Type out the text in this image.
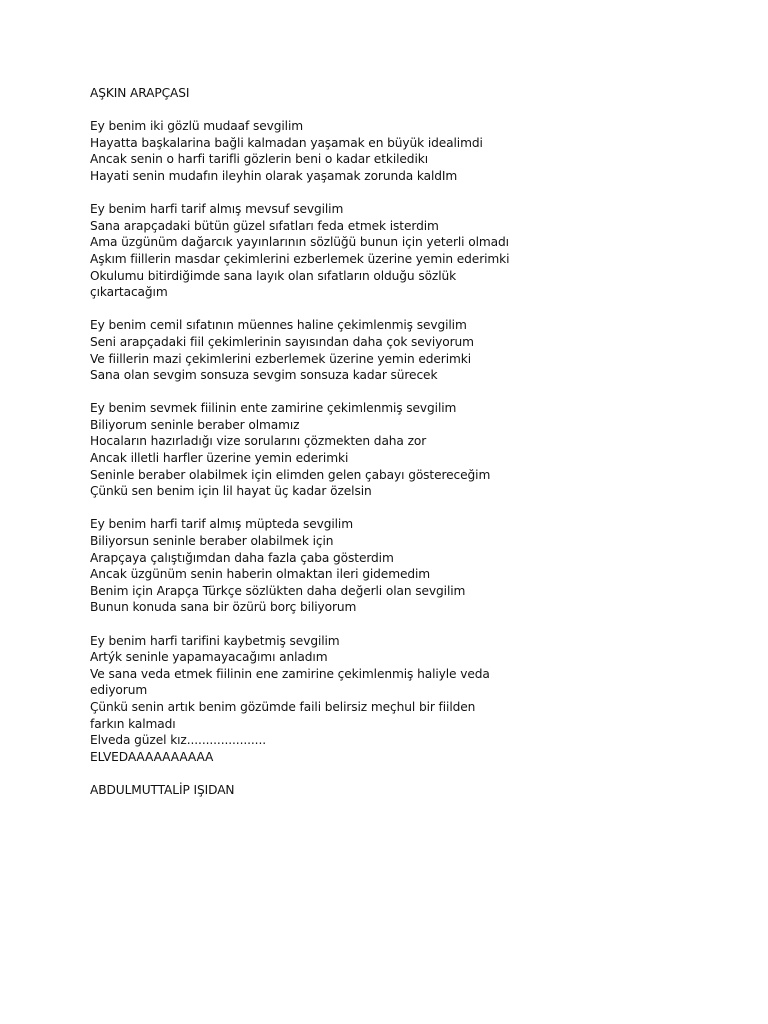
AŞKIN ARAPÇASI
Ey benim iki gözlü mudaaf sevgilim
Hayatta başkalarina bağli kalmadan yaşamak en büyük idealimdi
Ancak senin o harfi tarifli gözlerin beni o kadar etkiledikı
Hayati senin mudafın ileyhin olarak yaşamak zorunda kaldIm
Ey benim harfi tarif almış mevsuf sevgilim
Sana arapçadaki bütün güzel sıfatları feda etmek isterdim
Ama üzgünüm dağarcık yayınlarının sözlüğü bunun için yeterli olmadı
Aşkım fiillerin masdar çekimlerini ezberlemek üzerine yemin ederimki
Okulumu bitirdiğimde sana layık olan sıfatların olduğu sözlük
çıkartacağım
Ey benim cemil sıfatının müennes haline çekimlenmiş sevgilim
Seni arapçadaki fiil çekimlerinin sayısından daha çok seviyorum
Ve fiillerin mazi çekimlerini ezberlemek üzerine yemin ederimki
Sana olan sevgim sonsuza sevgim sonsuza kadar sürecek
Ey benim sevmek fiilinin ente zamirine çekimlenmiş sevgilim
Biliyorum seninle beraber olmamız
Hocaların hazırladığı vize sorularını çözmekten daha zor
Ancak illetli harfler üzerine yemin ederimki
Seninle beraber olabilmek için elimden gelen çabayı göstereceğim
Çünkü sen benim için lil hayat üç kadar özelsin
Ey benim harfi tarif almış müpteda sevgilim
Biliyorsun seninle beraber olabilmek için
Arapçaya çalıştığımdan daha fazla çaba gösterdim
Ancak üzgünüm senin haberin olmaktan ileri gidemedim
Benim için Arapça Türkçe sözlükten daha değerli olan sevgilim
Bunun konuda sana bir özürü borç biliyorum
Ey benim harfi tarifini kaybetmiş sevgilim
Artýk seninle yapamayacağımı anladım
Ve sana veda etmek fiilinin ene zamirine çekimlenmiş haliyle veda
ediyorum
Çünkü senin artık benim gözümde faili belirsiz meçhul bir fiilden
farkın kalmadı
Elveda güzel kız.....................
ELVEDAAAAAAAAAA
ABDULMUTTALİP IŞIDAN
